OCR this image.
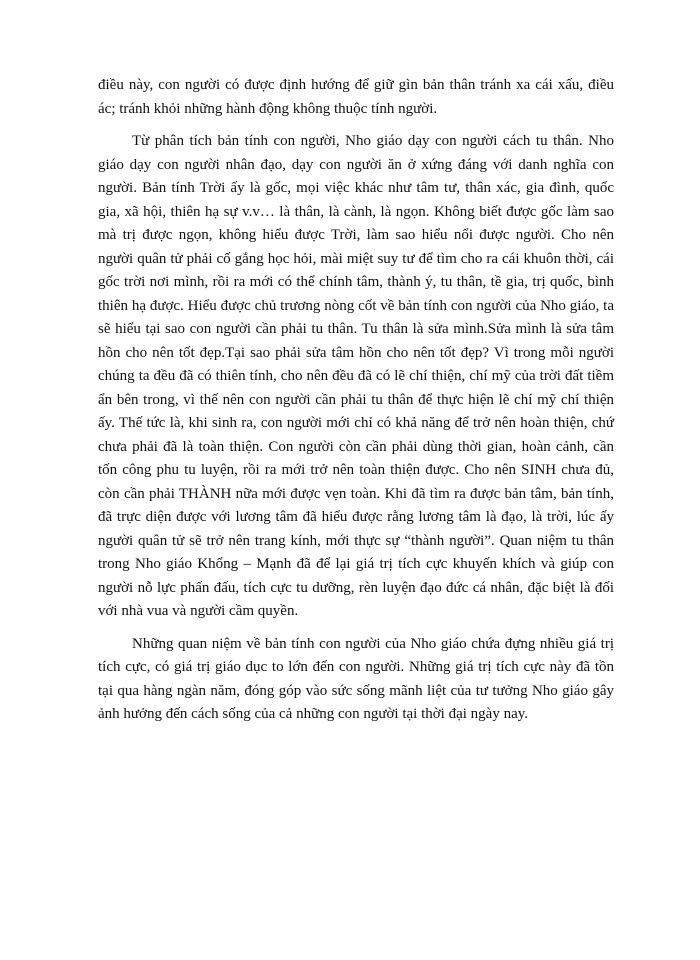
điều này, con người có được định hướng để giữ gìn bản thân tránh xa cái xấu, điều ác; tránh khỏi những hành động không thuộc tính người.

Từ phân tích bản tính con người, Nho giáo dạy con người cách tu thân. Nho giáo dạy con người nhân đạo, dạy con người ăn ở xứng đáng với danh nghĩa con người. Bản tính Trời ấy là gốc, mọi việc khác như tâm tư, thân xác, gia đình, quốc gia, xã hội, thiên hạ sự v.v… là thân, là cành, là ngọn. Không biết được gốc làm sao mà trị được ngọn, không hiểu được Trời, làm sao hiểu nổi được người. Cho nên người quân tử phải cố gắng học hỏi, mài miệt suy tư để tìm cho ra cái khuôn thời, cái gốc trời nơi mình, rồi ra mới có thể chính tâm, thành ý, tu thân, tề gia, trị quốc, bình thiên hạ được. Hiểu được chủ trương nòng cốt về bản tính con người của Nho giáo, ta sẽ hiểu tại sao con người cần phải tu thân. Tu thân là sửa mình.Sửa mình là sửa tâm hồn cho nên tốt đẹp.Tại sao phải sửa tâm hồn cho nên tốt đẹp? Vì trong mỗi người chúng ta đều đã có thiên tính, cho nên đều đã có lẽ chí thiện, chí mỹ của trời đất tiềm ẩn bên trong, vì thế nên con người cần phải tu thân để thực hiện lẽ chí mỹ chí thiện ấy. Thế tức là, khi sinh ra, con người mới chỉ có khả năng để trở nên hoàn thiện, chứ chưa phải đã là toàn thiện. Con người còn cần phải dùng thời gian, hoàn cảnh, cần tốn công phu tu luyện, rồi ra mới trở nên toàn thiện được. Cho nên SINH chưa đủ, còn cần phải THÀNH nữa mới được vẹn toàn. Khi đã tìm ra được bản tâm, bản tính, đã trực diện được với lương tâm đã hiểu được rằng lương tâm là đạo, là trời, lúc ấy người quân tử sẽ trở nên trang kính, mới thực sự “thành người”. Quan niệm tu thân trong Nho giáo Khổng – Mạnh đã để lại giá trị tích cực khuyến khích và giúp con người nỗ lực phấn đấu, tích cực tu dưỡng, rèn luyện đạo đức cá nhân, đặc biệt là đối với nhà vua và người cầm quyền.

Những quan niệm về bản tính con người của Nho giáo chứa đựng nhiều giá trị tích cực, có giá trị giáo dục to lớn đến con người. Những giá trị tích cực này đã tồn tại qua hàng ngàn năm, đóng góp vào sức sống mãnh liệt của tư tưởng Nho giáo gây ảnh hưởng đến cách sống của cả những con người tại thời đại ngày nay.
